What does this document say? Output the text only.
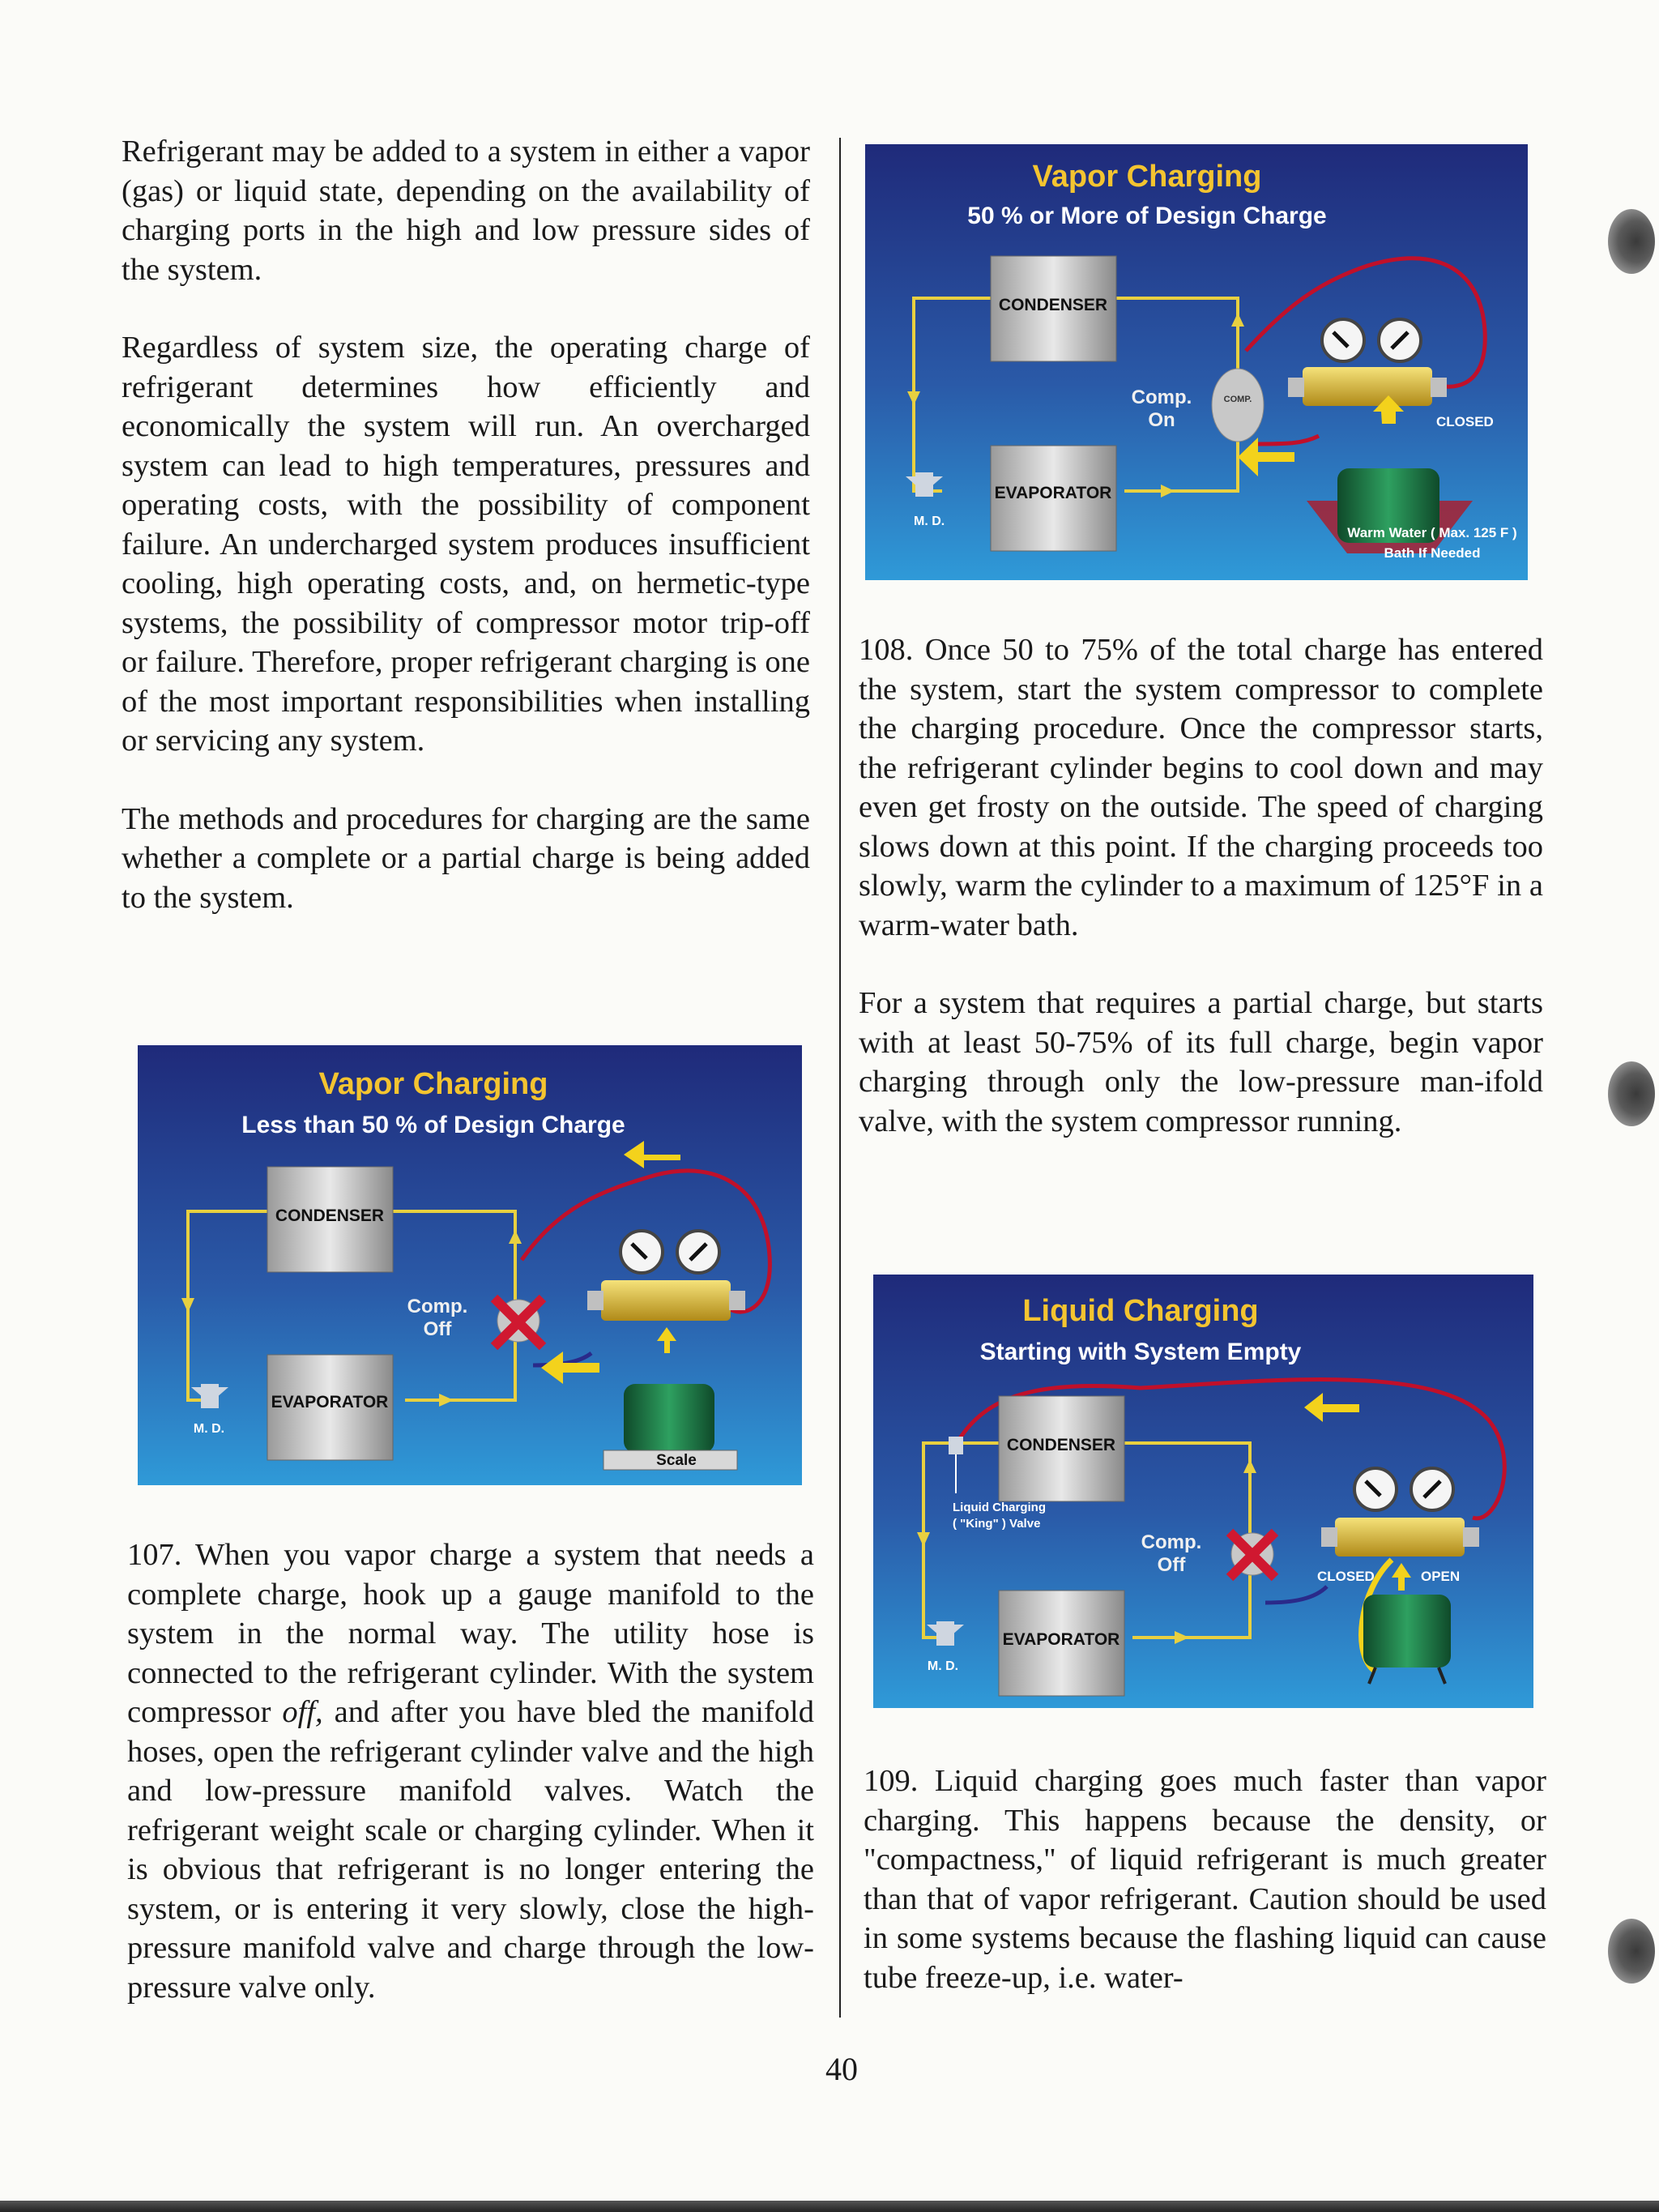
Refrigerant may be added to a system in either a vapor (gas) or liquid state, depending on the availability of charging ports in the high and low pressure sides of the system.

Regardless of system size, the operating charge of refrigerant determines how efficiently and economically the system will run. An overcharged system can lead to high temperatures, pressures and operating costs, with the possibility of component failure. An undercharged system produces insufficient cooling, high operating costs, and, on hermetic-type systems, the possibility of compressor motor trip-off or failure. Therefore, proper refrigerant charging is one of the most important responsibilities when installing or servicing any system.

The methods and procedures for charging are the same whether a complete or a partial charge is being added to the system.

107. When you vapor charge a system that needs a complete charge, hook up a gauge manifold to the system in the normal way. The utility hose is connected to the refrigerant cylinder. With the system compressor off, and after you have bled the manifold hoses, open the refrigerant cylinder valve and the high and low-pressure manifold valves. Watch the refrigerant weight scale or charging cylinder. When it is obvious that refrigerant is no longer entering the system, or is entering it very slowly, close the high-pressure manifold valve and charge through the low-pressure valve only.

108. Once 50 to 75% of the total charge has entered the system, start the system compressor to complete the charging procedure. Once the compressor starts, the refrigerant cylinder begins to cool down and may even get frosty on the outside. The speed of charging slows down at this point. If the charging proceeds too slowly, warm the cylinder to a maximum of 125°F in a warm-water bath.

For a system that requires a partial charge, but starts with at least 50-75% of its full charge, begin vapor charging through only the low-pressure man-ifold valve, with the system compressor running.

109. Liquid charging goes much faster than vapor charging. This happens because the density, or "compactness," of liquid refrigerant is much greater than that of vapor refrigerant. Caution should be used in some systems because the flashing liquid can cause tube freeze-up, i.e. water-

Vapor Charging
50 % or More of Design Charge
CONDENSER
EVAPORATOR
M. D.
Comp.
On
COMP.
CLOSED
Warm Water ( Max. 125 F )
Bath If Needed
Vapor Charging
Less than 50 % of Design Charge
CONDENSER
EVAPORATOR
M. D.
Comp.
Off
Scale
Liquid Charging
Starting with System Empty
CONDENSER
EVAPORATOR
Liquid Charging
( "King" ) Valve
M. D.
Comp.
Off
CLOSED	OPEN
40
